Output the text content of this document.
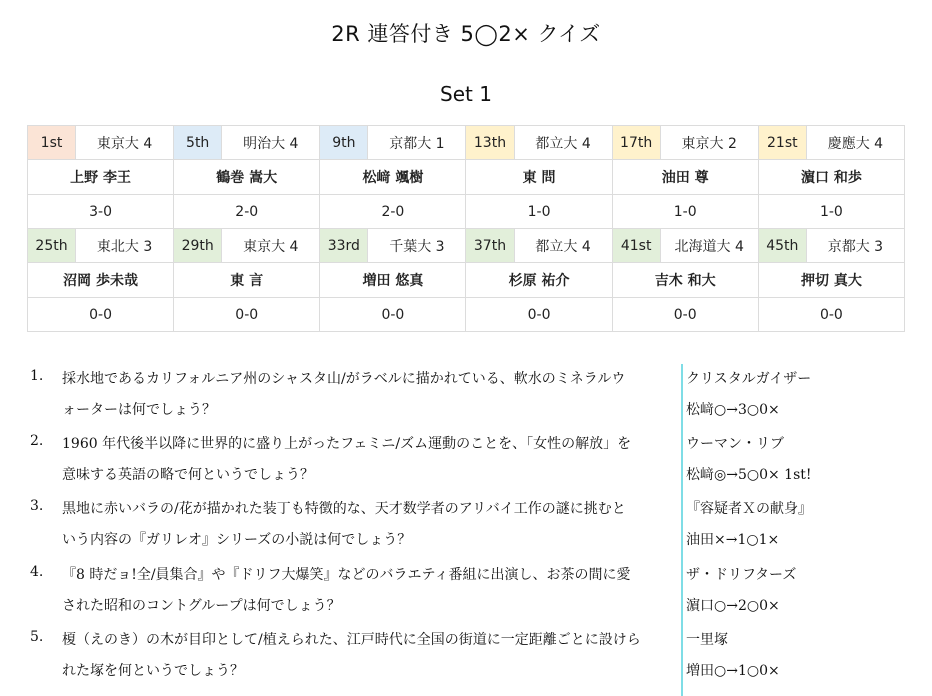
2R 連答付き 5◯2× クイズ
Set 1
1st	東京大 4	5th	明治大 4	9th	京都大 1	13th	都立大 4	17th	東京大 2	21st	慶應大 4
上野 李王		鶴巻 嵩大		松﨑 颯樹		東 問		油田 尊		濵口 和歩	
3-0		2-0		2-0		1-0		1-0		1-0	
25th	東北大 3	29th	東京大 4	33rd	千葉大 3	37th	都立大 4	41st	北海道大 4	45th	京都大 3
沼岡 歩未哉		東 言		増田 悠真		杉原 祐介		吉木 和大		押切 真大	
0-0		0-0		0-0		0-0		0-0		0-0	
1. 採水地であるカリフォルニア州のシャスタ山/がラベルに描かれている、軟水のミネラルウ
ォーターは何でしょう？
クリスタルガイザー
松﨑○→3○0×
2. 1960 年代後半以降に世界的に盛り上がったフェミニ/ズム運動のことを、「女性の解放」を
意味する英語の略で何というでしょう？
ウーマン・リブ
松﨑◎→5○0× 1st!
3. 黒地に赤いバラの/花が描かれた装丁も特徴的な、天才数学者のアリバイ工作の謎に挑むと
いう内容の『ガリレオ』シリーズの小説は何でしょう？
『容疑者Ｘの献身』
油田×→1○1×
4. 『8 時だョ!全/員集合』や『ドリフ大爆笑』などのバラエティ番組に出演し、お茶の間に愛
された昭和のコントグループは何でしょう？
ザ・ドリフターズ
濵口○→2○0×
5. 榎（えのき）の木が目印として/植えられた、江戸時代に全国の街道に一定距離ごとに設けら
れた塚を何というでしょう？
一里塚
増田○→1○0×
